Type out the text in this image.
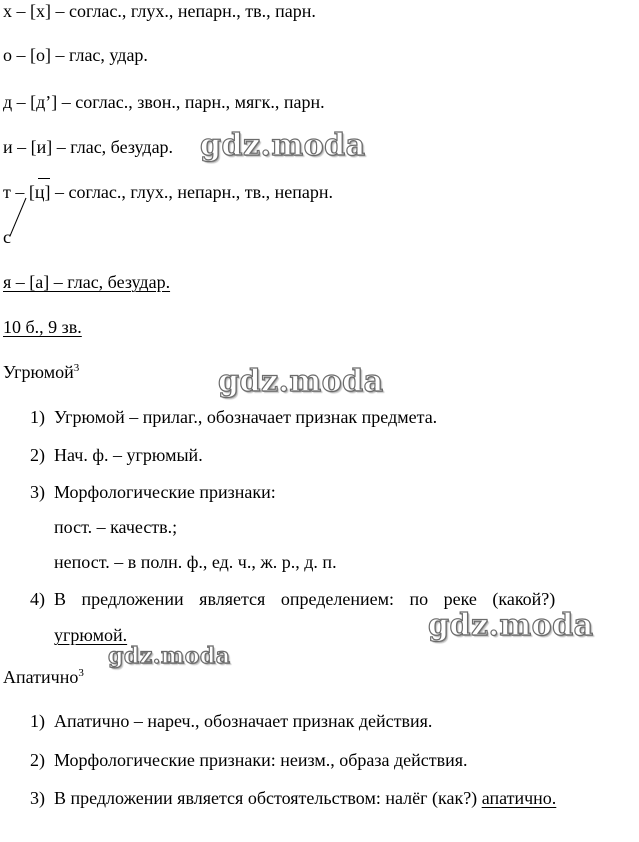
х – [х] – соглас., глух., непарн., тв., парн.
о – [о] – глас, удар.
д – [д’] – соглас., звон., парн., мягк., парн.
и – [и] – глас, безудар.
т – [ц] – соглас., глух., непарн., тв., непарн.
с
я – [а] – глас, безудар.
10 б., 9 зв.
Угрюмой$^3$
1) Угрюмой – прилаг., обозначает признак предмета.
2) Нач. ф. – угрюмый.
3) Морфологические признаки:
пост. – качеств.;
непост. – в полн. ф., ед. ч., ж. р., д. п.
4) В предложении является определением: по реке (какой?)
угрюмой.
Апатично$^3$
1) Апатично – нареч., обозначает признак действия.
2) Морфологические признаки: неизм., образа действия.
3) В предложении является обстоятельством: налёг (как?) апатично.
gdz.moda
gdz.moda
gdz.moda
gdz.moda
